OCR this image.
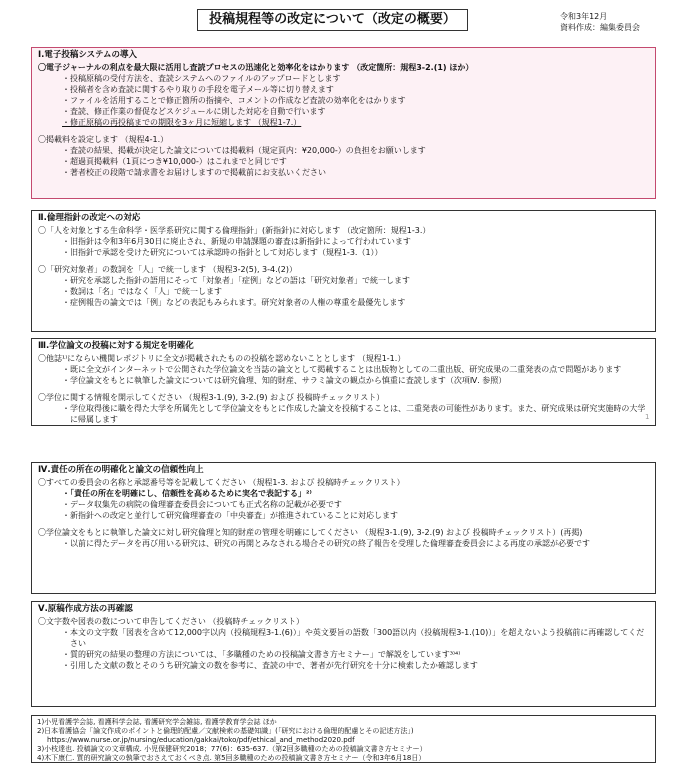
投稿規程等の改定について（改定の概要）	令和3年12月
資料作成：編集委員会
Ⅰ.電子投稿システムの導入

〇電子ジャーナルの利点を最大限に活用し査読プロセスの迅速化と効率化をはかります （改定箇所：規程3-2.(1) ほか）

・投稿原稿の受付方法を、査読システムへのファイルのアップロードとします

・投稿者を含め査読に関するやり取りの手段を電子メール等に切り替えます

・ファイルを活用することで修正箇所の指摘や、コメントの作成など査読の効率化をはかります

・査読、修正作業の督促などスケジュールに則した対応を自動で行います

・修正原稿の再投稿までの期限を3ヶ月に短縮します （規程1-7.）

〇掲載料を設定します （規程4-1.）

・査読の結果、掲載が決定した論文については掲載料（規定頁内：¥20,000-）の負担をお願いします

・超過頁掲載料（1頁につき¥10,000-）はこれまでと同じです

・著者校正の段階で請求書をお届けしますので掲載前にお支払いください

Ⅱ.倫理指針の改定への対応

〇「人を対象とする生命科学・医学系研究に関する倫理指針」(新指針)に対応します （改定箇所：規程1-3.）

・旧指針は令和3年6月30日に廃止され、新規の申請課題の審査は新指針によって行われています

・旧指針で承認を受けた研究については承認時の指針として対応します（規程1-3.（1））

〇「研究対象者」の数詞を「人」で統一します （規程3-2(5), 3-4.(2)）

・研究を承認した指針の語用にそって「対象者」「症例」などの語は「研究対象者」で統一します

・数詞は「名」ではなく「人」で統一します

・症例報告の論文では「例」などの表記もみられます。研究対象者の人権の尊重を最優先します

Ⅲ.学位論文の投稿に対する規定を明確化

〇他誌¹⁾にならい機関レポジトリに全文が掲載されたものの投稿を認めないこととします （規程1-1.）

・既に全文がインターネットで公開された学位論文を当誌の論文として掲載することは出版物としての二重出版、研究成果の二重発表の点で問題があります

・学位論文をもとに執筆した論文については研究倫理、知的財産、サラミ論文の観点から慎重に査読します（次項Ⅳ. 参照）

〇学位に関する情報を開示してください （規程3-1.(9), 3-2.(9) および 投稿時チェックリスト）

・学位取得後に職を得た大学を所属先として学位論文をもとに作成した論文を投稿することは、二重発表の可能性があります。また、研究成果は研究実施時の大学に帰属します	1
Ⅳ.責任の所在の明確化と論文の信頼性向上

〇すべての委員会の名称と承認番号等を記載してください （規程1-3. および 投稿時チェックリスト）

・「責任の所在を明確にし、信頼性を高めるために実名で表記する」²⁾

・データ収集先の病院の倫理審査委員会についても正式名称の記載が必要です

・新指針への改定と並行して研究倫理審査の「中央審査」が推進されていることに対応します

〇学位論文をもとに執筆した論文に対し研究倫理と知的財産の管理を明確にしてください （規程3-1.(9), 3-2.(9) および 投稿時チェックリスト）(再掲)

・以前に得たデータを再び用いる研究は、研究の再開とみなされる場合その研究の終了報告を受理した倫理審査委員会による再度の承認が必要です

Ⅴ.原稿作成方法の再確認

〇文字数や図表の数について申告してください （投稿時チェックリスト）

・本文の文字数「図表を含めて12,000字以内（投稿規程3-1.(6)）」や英文要旨の語数「300語以内（投稿規程3-1.(10)）」を超えないよう投稿前に再確認してください

・質的研究の結果の整理の方法については、「多職種のための投稿論文書き方セミナー」で解説をしています³⁾⁴⁾

・引用した文献の数とそのうち研究論文の数を参考に、査読の中で、著者が先行研究を十分に検索したか確認します

1)小児看護学会誌, 看護科学会誌, 看護研究学会雑誌, 看護学教育学会誌 ほか

2)日本看護協会「論文作成のポイントと倫理的配慮／文献検索の基礎知識」(「研究における倫理的配慮とその記述方法」)

https://www.nurse.or.jp/nursing/education/gakkai/toko/pdf/ethical_and_method2020.pdf

3)小枝達也. 投稿論文の文章構成. 小児保健研究2018；77(6)：635-637.（第2回多職種のための投稿論文書き方セミナー）

4)木下康仁. 質的研究論文の執筆でおさえておくべき点. 第5回多職種のための投稿論文書き方セミナー（令和3年6月18日）
